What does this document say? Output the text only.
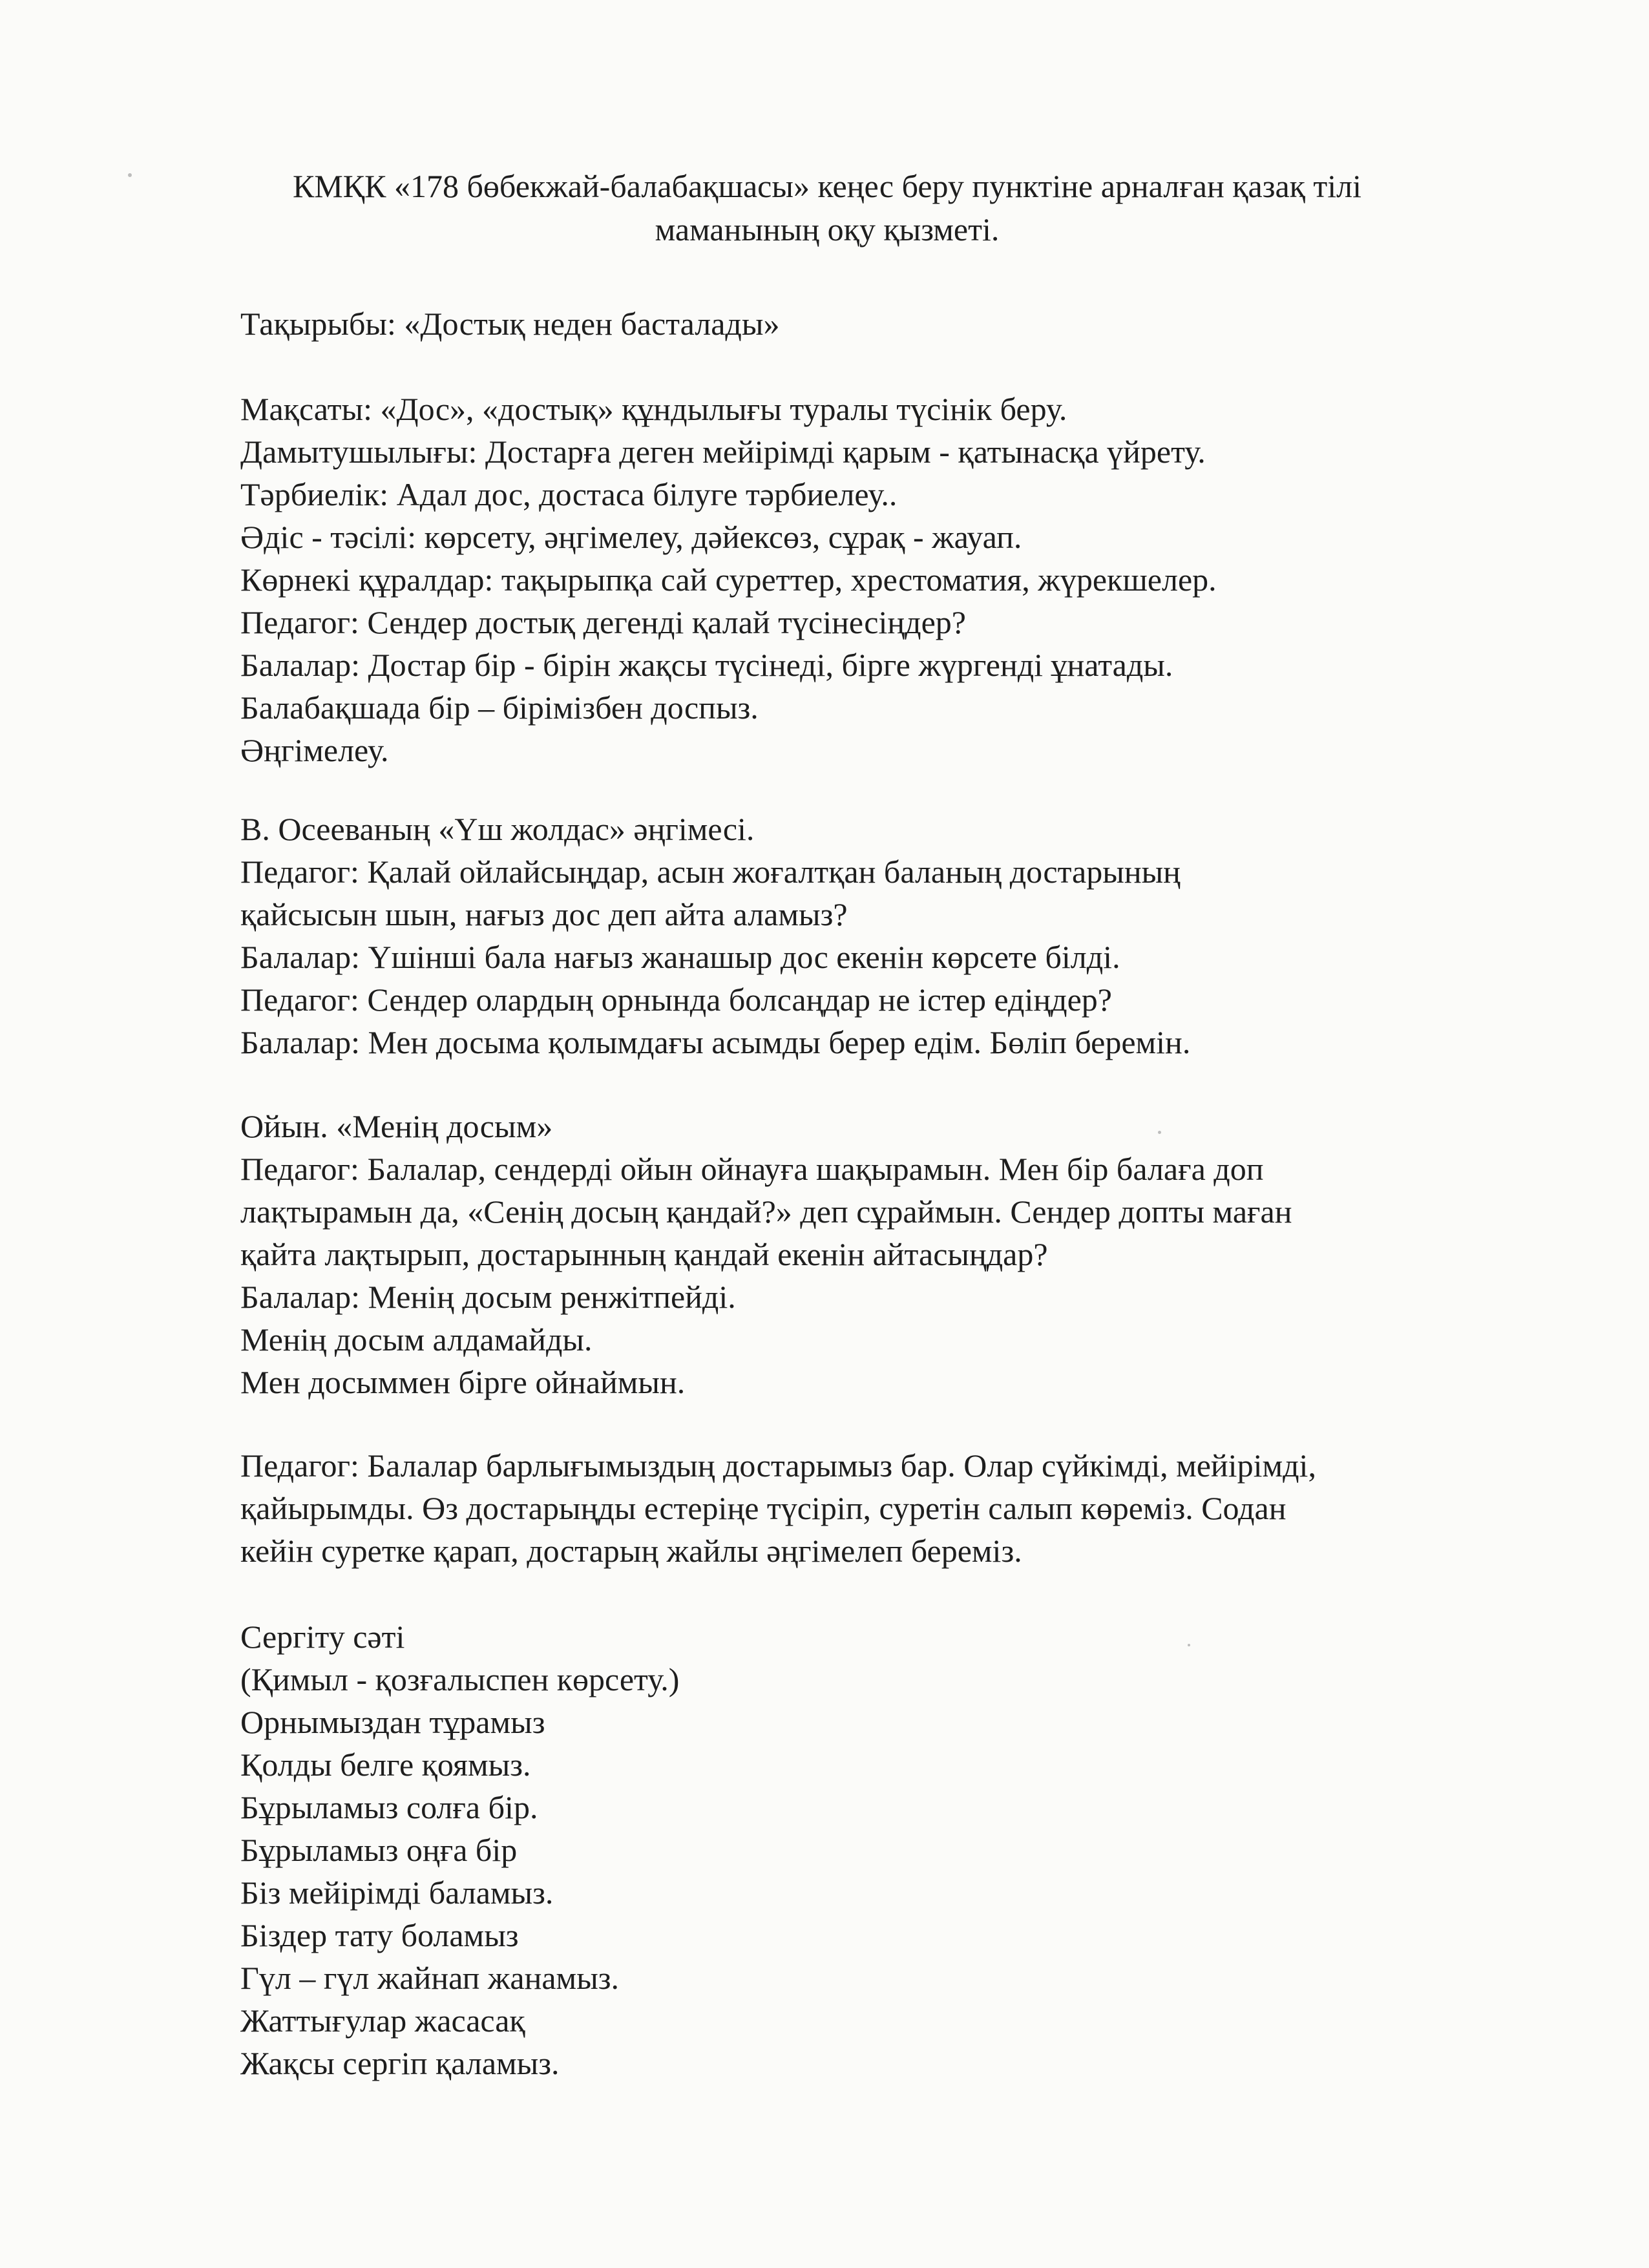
КМҚК «178 бөбекжай-балабақшасы» кеңес беру пунктіне арналған қазақ тілі
маманының оқу қызметі.

Тақырыбы: «Достық неден басталады»

Мақсаты: «Дос», «достық» құндылығы туралы түсінік беру.
Дамытушылығы: Достарға деген мейірімді қарым - қатынасқа үйрету.
Тәрбиелік: Адал дос, достаса білуге тәрбиелеу..
Әдіс - тәсілі: көрсету, әңгімелеу, дәйексөз, сұрақ - жауап.
Көрнекі құралдар: тақырыпқа сай суреттер, хрестоматия, жүрекшелер.
Педагог: Сендер достық дегенді қалай түсінесіңдер?
Балалар: Достар бір - бірін жақсы түсінеді, бірге жүргенді ұнатады.
Балабақшада бір – бірімізбен доспыз.
Әңгімелеу.

В. Осееваның «Үш жолдас» әңгімесі.
Педагог: Қалай ойлайсыңдар, асын жоғалтқан баланың достарының
қайсысын шын, нағыз дос деп айта аламыз?
Балалар: Үшінші бала нағыз жанашыр дос екенін көрсете білді.
Педагог: Сендер олардың орнында болсаңдар не істер едіңдер?
Балалар: Мен досыма қолымдағы асымды берер едім. Бөліп беремін.

Ойын. «Менің досым»
Педагог: Балалар, сендерді ойын ойнауға шақырамын. Мен бір балаға доп
лақтырамын да, «Сенің досың қандай?» деп сұраймын. Сендер допты маған
қайта лақтырып, достарынның қандай екенін айтасыңдар?
Балалар: Менің досым ренжітпейді.
Менің досым алдамайды.
Мен досыммен бірге ойнаймын.

Педагог: Балалар барлығымыздың достарымыз бар. Олар сүйкімді, мейірімді,
қайырымды. Өз достарыңды естеріңе түсіріп, суретін салып көреміз. Содан
кейін суретке қарап, достарың жайлы әңгімелеп береміз.

Сергіту сәті
(Қимыл - қозғалыспен көрсету.)
Орнымыздан тұрамыз
Қолды белге қоямыз.
Бұрыламыз солға бір.
Бұрыламыз оңға бір
Біз мейірімді баламыз.
Біздер тату боламыз
Гүл – гүл жайнап жанамыз.
Жаттығулар жасасақ
Жақсы сергіп қаламыз.
